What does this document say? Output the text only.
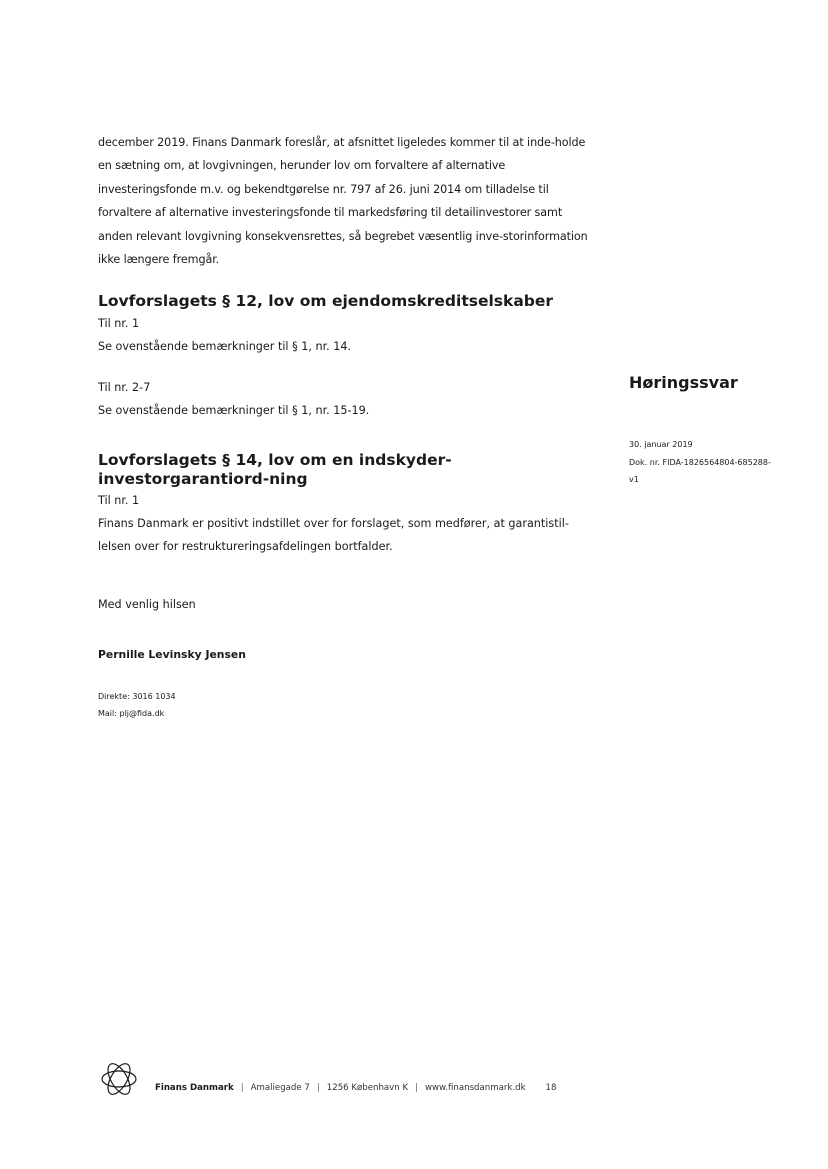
december 2019. Finans Danmark foreslår, at afsnittet ligeledes kommer til at inde-holde en sætning om, at lovgivningen, herunder lov om forvaltere af alternative investeringsfonde m.v. og bekendtgørelse nr. 797 af 26. juni 2014 om tilladelse til forvaltere af alternative investeringsfonde til markedsføring til detailinvestorer samt anden relevant lovgivning konsekvensrettes, så begrebet væsentlig inve-storinformation ikke længere fremgår.

Lovforslagets § 12, lov om ejendomskreditselskaber

Til nr. 1

Se ovenstående bemærkninger til § 1, nr. 14.

Til nr. 2-7

Se ovenstående bemærkninger til § 1, nr. 15-19.

Lovforslagets § 14, lov om en indskyder- investorgarantiord-ning

Til nr. 1

Finans Danmark er positivt indstillet over for forslaget, som medfører, at garantistil-lelsen over for restruktureringsafdelingen bortfalder.

Med venlig hilsen

Pernille Levinsky Jensen

Direkte: 3016 1034
Mail: plj@fida.dk
Høringssvar
30. januar 2019
Dok. nr. FIDA-1826564804-685288-
v1
Finans Danmark | Amaliegade 7 | 1256 København K | www.finansdanmark.dk 18
